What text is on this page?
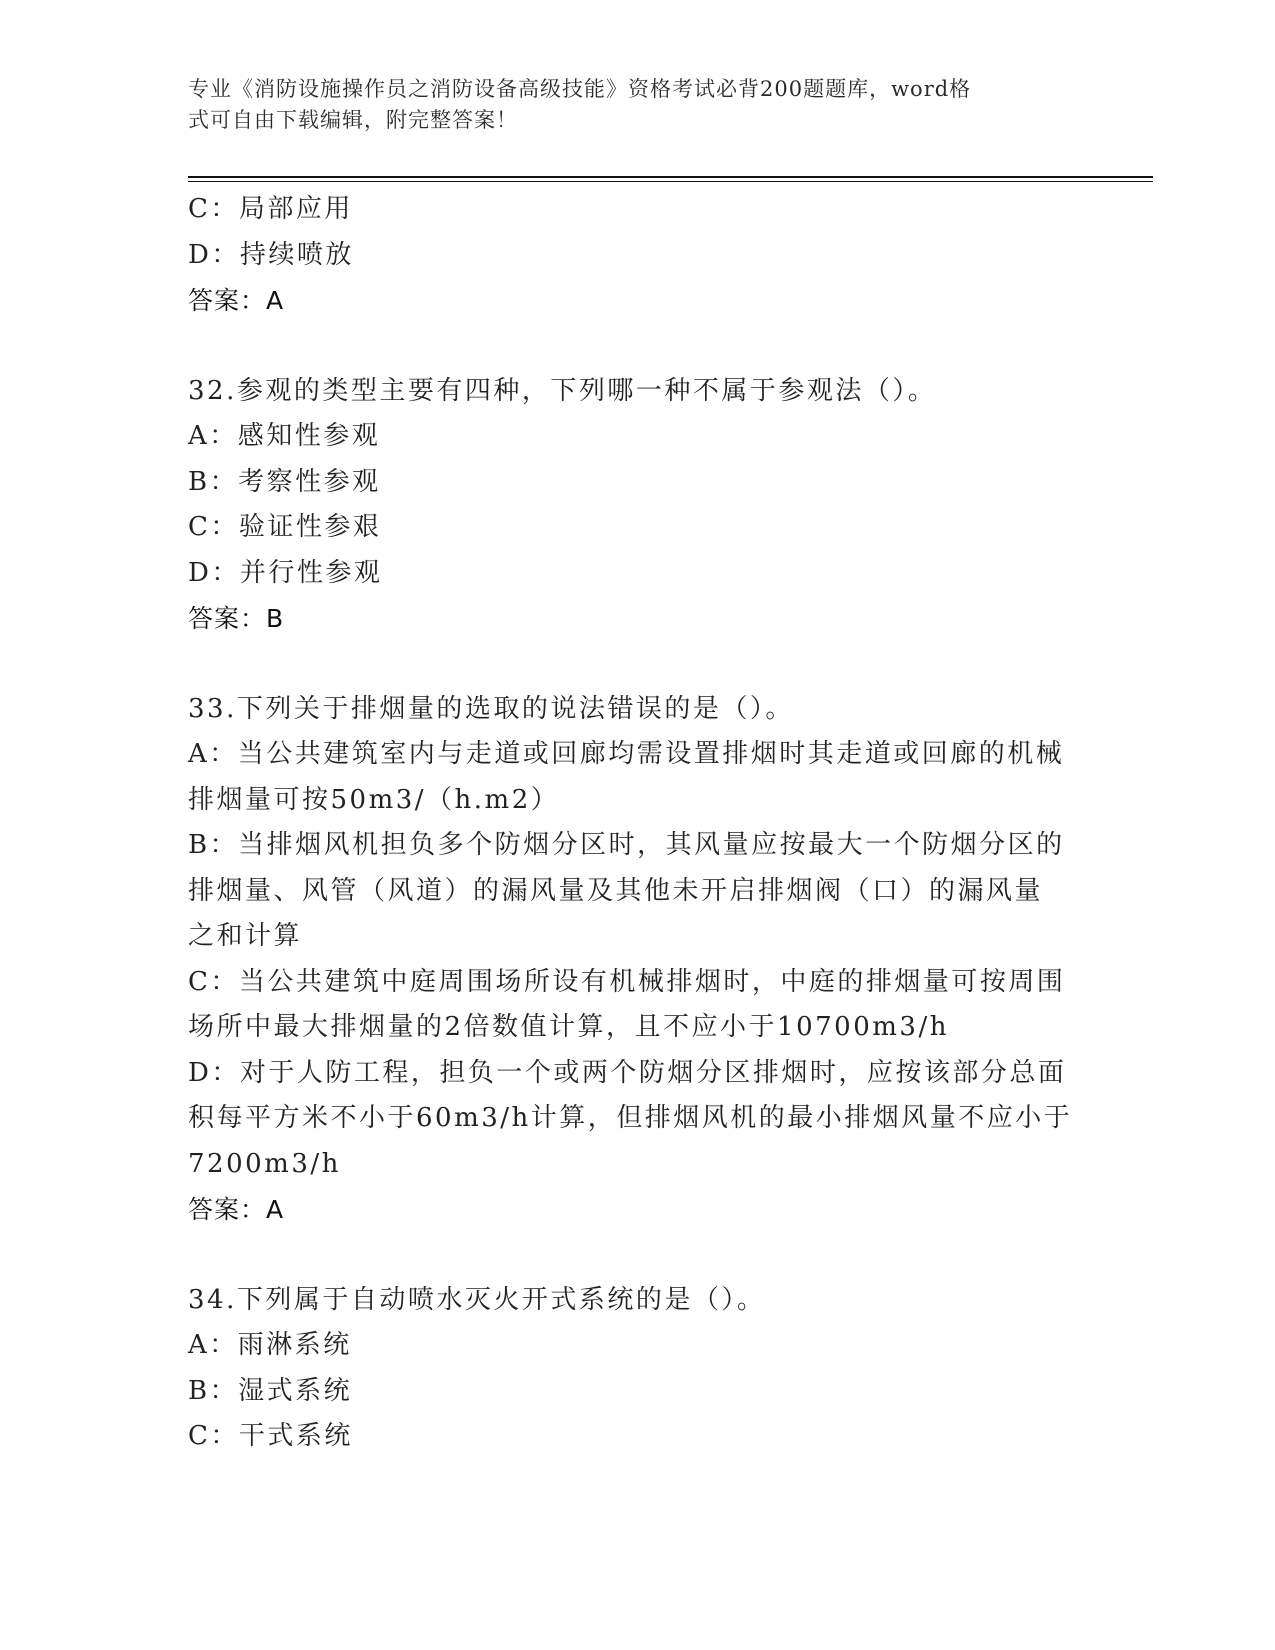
专业《消防设施操作员之消防设备高级技能》资格考试必背200题题库，word格
式可自由下载编辑，附完整答案！
C：局部应用
D：持续喷放
答案：A
32.参观的类型主要有四种，下列哪一种不属于参观法（）。
A：感知性参观
B：考察性参观
C：验证性参艰
D：并行性参观
答案：B
33.下列关于排烟量的选取的说法错误的是（）。
A：当公共建筑室内与走道或回廊均需设置排烟时其走道或回廊的机械
排烟量可按50m3/（h.m2）
B：当排烟风机担负多个防烟分区时，其风量应按最大一个防烟分区的
排烟量、风管（风道）的漏风量及其他未开启排烟阀（口）的漏风量
之和计算
C：当公共建筑中庭周围场所设有机械排烟时，中庭的排烟量可按周围
场所中最大排烟量的2倍数值计算，且不应小于10700m3/h
D：对于人防工程，担负一个或两个防烟分区排烟时，应按该部分总面
积每平方米不小于60m3/h计算，但排烟风机的最小排烟风量不应小于
7200m3/h
答案：A
34.下列属于自动喷水灭火开式系统的是（）。
A：雨淋系统
B：湿式系统
C：干式系统
